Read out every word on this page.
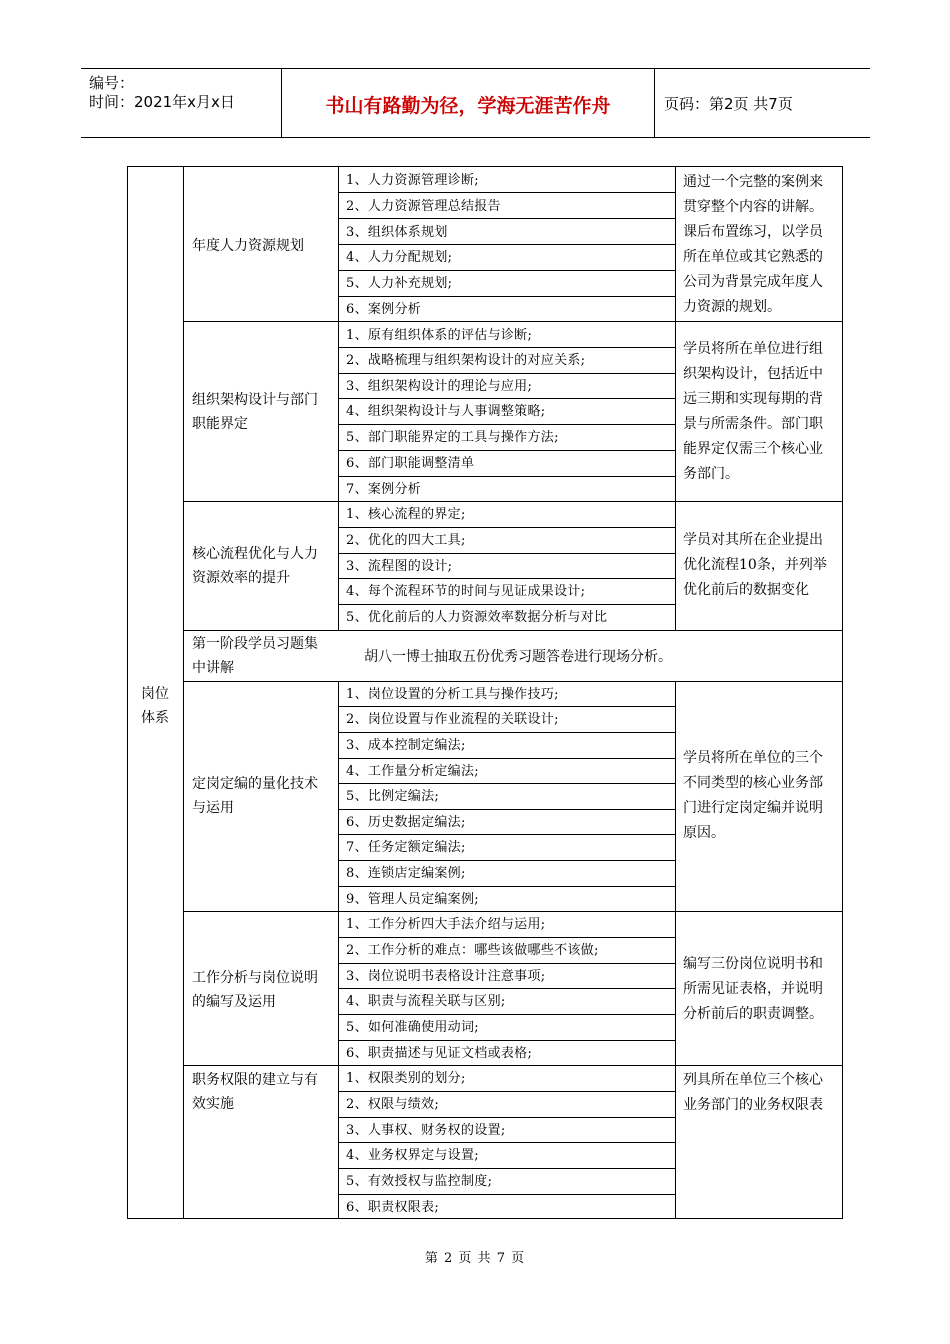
编号：
时间：2021年x月x日	书山有路勤为径，学海无涯苦作舟	页码：第2页 共7页
岗位体系
年度人力资源规划
1、人力资源管理诊断;
2、人力资源管理总结报告
3、组织体系规划
4、人力分配规划;
5、人力补充规划;
6、案例分析
通过一个完整的案例来贯穿整个内容的讲解。课后布置练习，以学员所在单位或其它熟悉的公司为背景完成年度人力资源的规划。
组织架构设计与部门职能界定
1、原有组织体系的评估与诊断;
2、战略梳理与组织架构设计的对应关系;
3、组织架构设计的理论与应用;
4、组织架构设计与人事调整策略;
5、部门职能界定的工具与操作方法;
6、部门职能调整清单
7、案例分析
学员将所在单位进行组织架构设计，包括近中远三期和实现每期的背景与所需条件。部门职能界定仅需三个核心业务部门。
核心流程优化与人力资源效率的提升
1、核心流程的界定;
2、优化的四大工具;
3、流程图的设计;
4、每个流程环节的时间与见证成果设计;
5、优化前后的人力资源效率数据分析与对比
学员对其所在企业提出优化流程10条，并列举优化前后的数据变化
第一阶段学员习题集中讲解
胡八一博士抽取五份优秀习题答卷进行现场分析。
定岗定编的量化技术与运用
1、岗位设置的分析工具与操作技巧;
2、岗位设置与作业流程的关联设计;
3、成本控制定编法;
4、工作量分析定编法;
5、比例定编法;
6、历史数据定编法;
7、任务定额定编法;
8、连锁店定编案例;
9、管理人员定编案例;
学员将所在单位的三个不同类型的核心业务部门进行定岗定编并说明原因。
工作分析与岗位说明的编写及运用
1、工作分析四大手法介绍与运用;
2、工作分析的难点：哪些该做哪些不该做;
3、岗位说明书表格设计注意事项;
4、职责与流程关联与区别;
5、如何准确使用动词;
6、职责描述与见证文档或表格;
编写三份岗位说明书和所需见证表格，并说明分析前后的职责调整。
职务权限的建立与有效实施
1、权限类别的划分;
2、权限与绩效;
3、人事权、财务权的设置;
4、业务权界定与设置;
5、有效授权与监控制度;
6、职责权限表;
列具所在单位三个核心业务部门的业务权限表
第 2 页 共 7 页
